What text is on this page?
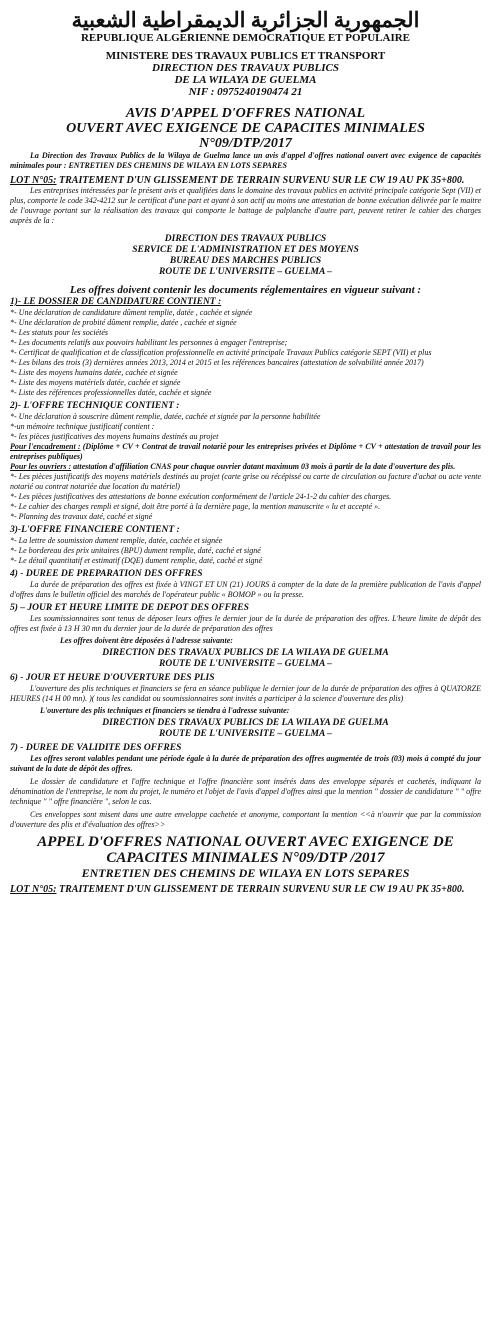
الجمهورية الجزائرية الديمقراطية الشعبية
REPUBLIQUE ALGERIENNE DEMOCRATIQUE ET POPULAIRE
MINISTERE DES TRAVAUX PUBLICS ET TRANSPORT
DIRECTION DES TRAVAUX PUBLICS
DE LA WILAYA DE GUELMA
NIF : 0975240190474 21
AVIS D'APPEL D'OFFRES NATIONAL
OUVERT AVEC EXIGENCE DE CAPACITES MINIMALES
N°09/DTP/2017

La Direction des Travaux Publics de la Wilaya de Guelma lance un avis d'appel d'offres national ouvert avec exigence de capacités minimales pour : ENTRETIEN DES CHEMINS DE WILAYA EN LOTS SEPARES

LOT N°05: TRAITEMENT D'UN GLISSEMENT DE TERRAIN SURVENU SUR LE CW 19 AU PK 35+800.

Les entreprises intéressées par le présent avis et qualifiées dans le domaine des travaux publics en activité principale catégorie Sept (VII) et plus, comporte le code 342-4212 sur le certificat d'une part et ayant à son actif au moins une attestation de bonne exécution délivrée par le maitre de l'ouvrage portant sur la réalisation des travaux qui comporte le battage de palplanche d'autre part, peuvent retirer le cahier des charges auprès de la :

DIRECTION DES TRAVAUX PUBLICS
SERVICE DE L'ADMINISTRATION ET DES MOYENS
BUREAU DES MARCHES PUBLICS
ROUTE DE L'UNIVERSITE – GUELMA –
Les offres doivent contenir les documents réglementaires en vigueur suivant :
1)- LE DOSSIER DE CANDIDATURE CONTIENT :

*- Une déclaration de candidature dûment remplie, datée , cachée et signée

*- Une déclaration de probité dûment remplie, datée , cachée et signée

*- Les statuts pour les sociétés

*- Les documents relatifs aux pouvoirs habilitant les personnes à engager l'entreprise;

*- Certificat de qualification et de classification professionnelle en activité principale Travaux Publics catégorie SEPT (VII) et plus

*- Les bilans des trois (3) dernières années 2013, 2014 et 2015 et les références bancaires (attestation de solvabilité année 2017)

*- Liste des moyens humains datée, cachée et signée

*- Liste des moyens matériels datée, cachée et signée

*- Liste des références professionnelles datée, cachée et signée

2)- L'OFFRE TECHNIQUE CONTIENT :

*- Une déclaration à souscrire dûment remplie, datée, cachée et signée par la personne habilitée

*-un mémoire technique justificatif contient :

*- les pièces justificatives des moyens humains destinés au projet

Pour l'encadrement : (Diplôme + CV + Contrat de travail notarié pour les entreprises privées et Diplôme + CV + attestation de travail pour les entreprises publiques)

Pour les ouvriers : attestation d'affiliation CNAS pour chaque ouvrier datant maximum 03 mois à partir de la date d'ouverture des plis.

*- Les pièces justificatifs des moyens matériels destinés au projet (carte grise ou récépissé ou carte de circulation ou facture d'achat ou acte vente notarié ou contrat notariée due location du matériel)

*- Les pièces justificatives des attestations de bonne exécution conformément de l'article 24-1-2 du cahier des charges.

*- Le cahier des charges rempli et signé, doit être porté à la dernière page, la mention manuscrite « lu et accepté ».

*- Planning des travaux daté, caché et signé

3)-L'OFFRE FINANCIERE CONTIENT :

*- La lettre de soumission dument remplie, datée, cachée et signée

*- Le bordereau des prix unitaires (BPU) dument remplie, daté, caché et signé

*- Le détail quantitatif et estimatif (DQE) dument remplie, daté, caché et signé

4) - DUREE DE PREPARATION DES OFFRES

La durée de préparation des offres est fixée à VINGT ET UN (21) JOURS à compter de la date de la première publication de l'avis d'appel d'offres dans le bulletin officiel des marchés de l'opérateur public « BOMOP » ou la presse.

5) – JOUR ET HEURE LIMITE DE DEPOT DES OFFRES

Les soumissionnaires sont tenus de déposer leurs offres le dernier jour de la durée de préparation des offres. L'heure limite de dépôt des offres est fixée à 13 H 30 mn du dernier jour de la durée de préparation des offres

Les offres doivent être déposées à l'adresse suivante:

DIRECTION DES TRAVAUX PUBLICS DE LA WILAYA DE GUELMA
ROUTE DE L'UNIVERSITE – GUELMA –
6) - JOUR ET HEURE D'OUVERTURE DES PLIS

L'ouverture des plis techniques et financiers se fera en séance publique le dernier jour de la durée de préparation des offres à QUATORZE HEURES (14 H 00 mn). )( tous les candidat ou soumissionnaires sont invités a participer à la science d'ouverture des plis)

L'ouverture des plis techniques et financiers se tiendra à l'adresse suivante:

DIRECTION DES TRAVAUX PUBLICS DE LA WILAYA DE GUELMA
ROUTE DE L'UNIVERSITE – GUELMA –
7) - DUREE DE VALIDITE DES OFFRES

Les offres seront valables pendant une période égale à la durée de préparation des offres augmentée de trois (03) mois à compté du jour suivant de la date de dépôt des offres.

Le dossier de candidature et l'offre technique et l'offre financière sont insérés dans des enveloppe séparés et cachetés, indiquant la dénomination de l'entreprise, le nom du projet, le numéro et l'objet de l'avis d'appel d'offres ainsi que la mention " dossier de candidature " " offre technique " " offre financière ", selon le cas.

Ces enveloppes sont misent dans une autre enveloppe cachetée et anonyme, comportant la mention <<à n'ouvrir que par la commission d'ouverture des plis et d'évaluation des offres>>

APPEL D'OFFRES NATIONAL OUVERT AVEC EXIGENCE DE
CAPACITES MINIMALES N°09/DTP /2017
ENTRETIEN DES CHEMINS DE WILAYA EN LOTS SEPARES

LOT N°05: TRAITEMENT D'UN GLISSEMENT DE TERRAIN SURVENU SUR LE CW 19 AU PK 35+800.
